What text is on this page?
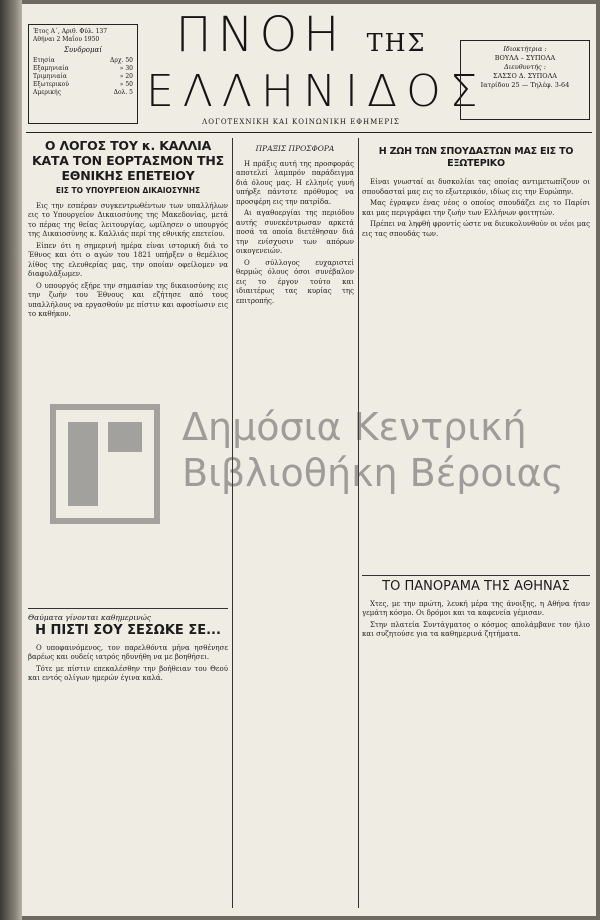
Έτος Α΄, Αριθ. Φύλ. 137
Αθήναι 2 Μαΐου 1950
Συνδρομαί
Ετησία	Δρχ. 50
Εξαμηνιαία	» 30
Τριμηνιαία	» 20
Εξωτερικού	» 50
Αμερικής	Δολ. 5
ΠΝΟΗ ΤΗΣ
ΕΛΛΗΝΙΔΟΣ
ΛΟΓΟΤΕΧΝΙΚΗ ΚΑΙ ΚΟΙΝΩΝΙΚΗ ΕΦΗΜΕΡΙΣ
Ιδιοκτήτρια :
ΒΟΥΛΑ – ΣΥΠΟΛΑ
Διευθυντής :
ΣΑΣΣΟ Δ. ΣΥΠΟΛΑ
Ιατρίδου 25 — Τηλέφ. 3-64
Ο ΛΟΓΟΣ ΤΟΥ κ. ΚΑΛΛΙΑ ΚΑΤΑ ΤΟΝ ΕΟΡΤΑΣΜΟΝ ΤΗΣ ΕΘΝΙΚΗΣ ΕΠΕΤΕΙΟΥ
ΕΙΣ ΤΟ ΥΠΟΥΡΓΕΙΟΝ ΔΙΚΑΙΟΣΥΝΗΣ

Εις την εσπέραν συγκεντρωθέντων των υπαλλήλων εις το Υπουργείον Δικαιοσύνης της Μακεδονίας, μετά το πέρας της θείας λειτουργίας, ωμίλησεν ο υπουργός της Δικαιοσύνης κ. Καλλιάς περί της εθνικής επετείου.

Είπεν ότι η σημερινή ημέρα είναι ιστορική διά το Έθνος και ότι ο αγών του 1821 υπήρξεν ο θεμέλιος λίθος της ελευθερίας μας, την οποίαν οφείλομεν να διαφυλάξωμεν.

Ο υπουργός εξήρε την σημασίαν της δικαιοσύνης εις την ζωήν του Έθνους και εζήτησε από τους υπαλλήλους να εργασθούν με πίστιν και αφοσίωσιν εις το καθήκον.

Θαύματα γίνονται καθημερινώς
Η ΠΙΣΤΙ ΣΟΥ ΣΕΣΩΚΕ ΣΕ...

Ο υποφαινόμενος, τον παρελθόντα μήνα ησθένησε βαρέως και ουδείς ιατρός ηδυνήθη να με βοηθήσει.

Τότε με πίστιν επεκαλέσθην την βοήθειαν του Θεού και εντός ολίγων ημερών έγινα καλά.

ΠΡΑΞΙΣ ΠΡΟΣΦΟΡΑ

Η πράξις αυτή της προσφοράς αποτελεί λαμπρόν παράδειγμα διά όλους μας. Η ελληνίς γυνή υπήρξε πάντοτε πρόθυμος να προσφέρη εις την πατρίδα.

Αι αγαθοεργίαι της περιόδου αυτής συνεκέντρωσαν αρκετά ποσά τα οποία διετέθησαν διά την ενίσχυσιν των απόρων οικογενειών.

Ο σύλλογος ευχαριστεί θερμώς όλους όσοι συνέβαλον εις το έργον τούτο και ιδιαιτέρως τας κυρίας της επιτροπής.

Η ΖΩΗ ΤΩΝ ΣΠΟΥΔΑΣΤΩΝ ΜΑΣ ΕΙΣ ΤΟ ΕΞΩΤΕΡΙΚΟ

Είναι γνωσταί αι δυσκολίαι τας οποίας αντιμετωπίζουν οι σπουδασταί μας εις το εξωτερικόν, ιδίως εις την Ευρώπην.

Μας έγραψεν ένας νέος ο οποίος σπουδάζει εις το Παρίσι και μας περιγράφει την ζωήν των Ελλήνων φοιτητών.

Πρέπει να ληφθή φροντίς ώστε να διευκολυνθούν οι νέοι μας εις τας σπουδάς των.

ΤΟ ΠΑΝΟΡΑΜΑ ΤΗΣ ΑΘΗΝΑΣ

Χτες, με την πρώτη, λευκή μέρα της άνοιξης, η Αθήνα ήταν γεμάτη κόσμο. Οι δρόμοι και τα καφενεία γέμισαν.

Στην πλατεία Συντάγματος ο κόσμος απολάμβανε τον ήλιο και συζητούσε για τα καθημερινά ζητήματα.

Δημόσια Κεντρική
Βιβλιοθήκη Βέροιας
